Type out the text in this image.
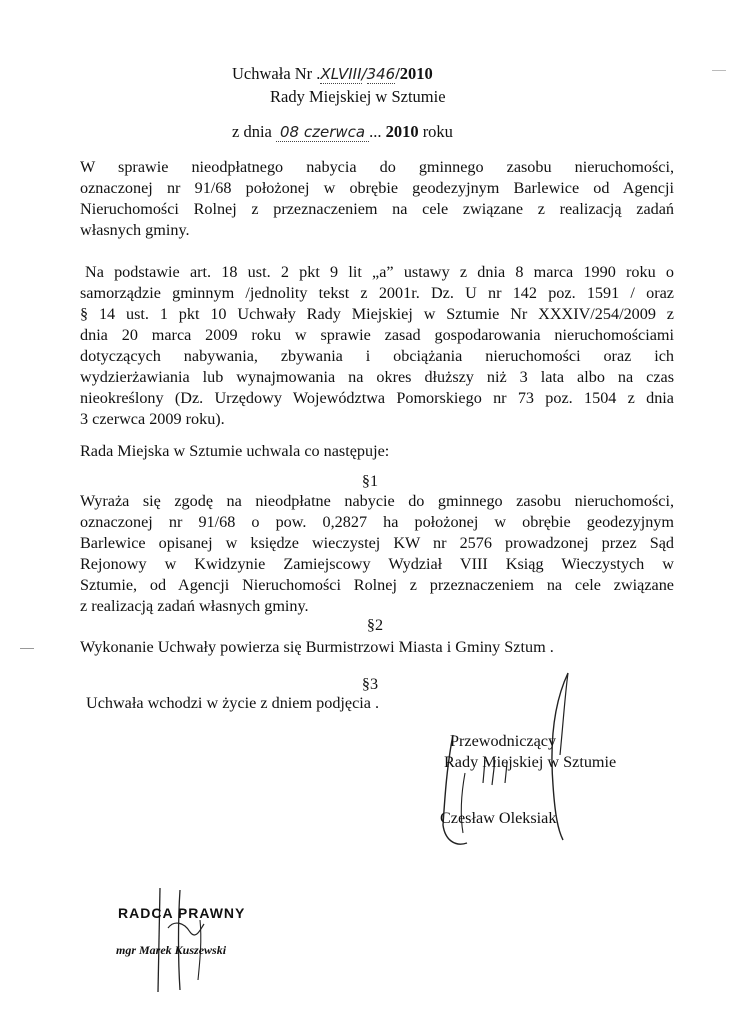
Uchwała Nr .XLVIII/346/2010
Rady Miejskiej w Sztumie
z dnia 08 czerwca ... 2010 roku
W sprawie nieodpłatnego nabycia do gminnego zasobu nieruchomości,
oznaczonej nr 91/68 położonej w obrębie geodezyjnym Barlewice od Agencji
Nieruchomości Rolnej z przeznaczeniem na cele związane z realizacją zadań
własnych gminy.
Na podstawie art. 18 ust. 2 pkt 9 lit „a” ustawy z dnia 8 marca 1990 roku o
samorządzie gminnym /jednolity tekst z 2001r. Dz. U nr 142 poz. 1591 / oraz
§ 14 ust. 1 pkt 10 Uchwały Rady Miejskiej w Sztumie Nr XXXIV/254/2009 z
dnia 20 marca 2009 roku w sprawie zasad gospodarowania nieruchomościami
dotyczących nabywania, zbywania i obciążania nieruchomości oraz ich
wydzierżawiania lub wynajmowania na okres dłuższy niż 3 lata albo na czas
nieokreślony (Dz. Urzędowy Województwa Pomorskiego nr 73 poz. 1504 z dnia
3 czerwca 2009 roku).
Rada Miejska w Sztumie uchwala co następuje:
§1
Wyraża się zgodę na nieodpłatne nabycie do gminnego zasobu nieruchomości,
oznaczonej nr 91/68 o pow. 0,2827 ha położonej w obrębie geodezyjnym
Barlewice opisanej w księdze wieczystej KW nr 2576 prowadzonej przez Sąd
Rejonowy w Kwidzynie Zamiejscowy Wydział VIII Ksiąg Wieczystych w
Sztumie, od Agencji Nieruchomości Rolnej z przeznaczeniem na cele związane
z realizacją zadań własnych gminy.
§2
Wykonanie Uchwały powierza się Burmistrzowi Miasta i Gminy Sztum .
§3
Uchwała wchodzi w życie z dniem podjęcia .
Przewodniczący
Rady Miejskiej w Sztumie
Czesław Oleksiak
RADCA PRAWNY
mgr Marek Kuszewski
